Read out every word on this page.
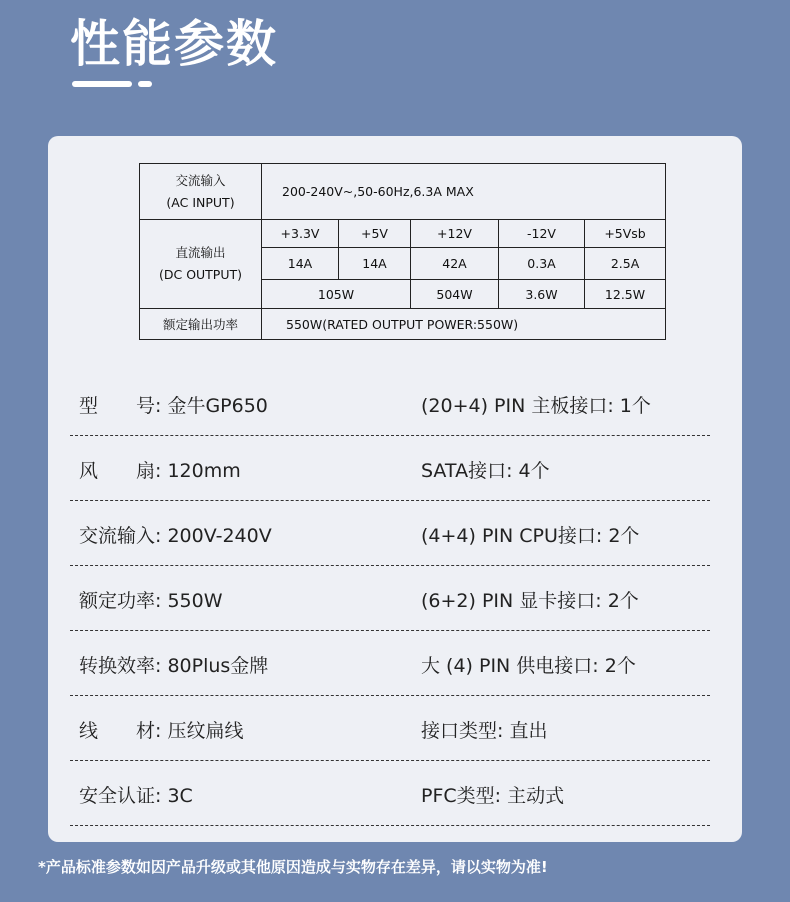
性能参数
交流输入
(AC INPUT)	200-240V~,50-60Hz,6.3A MAX				

直流输出
(DC OUTPUT)	+3.3V	+5V	+12V	-12V	+5Vsb
	14A	14A	42A	0.3A	2.5A
	105W		504W	3.6W	12.5W
额定输出功率	550W(RATED OUTPUT POWER:550W)				
型　　号: 金牛GP650	(20+4) PIN 主板接口: 1个
风　　扇: 120mm	SATA接口: 4个
交流输入: 200V-240V	(4+4) PIN CPU接口: 2个
额定功率: 550W	(6+2) PIN 显卡接口: 2个
转换效率: 80Plus金牌	大 (4) PIN 供电接口: 2个
线　　材: 压纹扁线	接口类型: 直出
安全认证: 3C	PFC类型: 主动式
*产品标准参数如因产品升级或其他原因造成与实物存在差异，请以实物为准!
